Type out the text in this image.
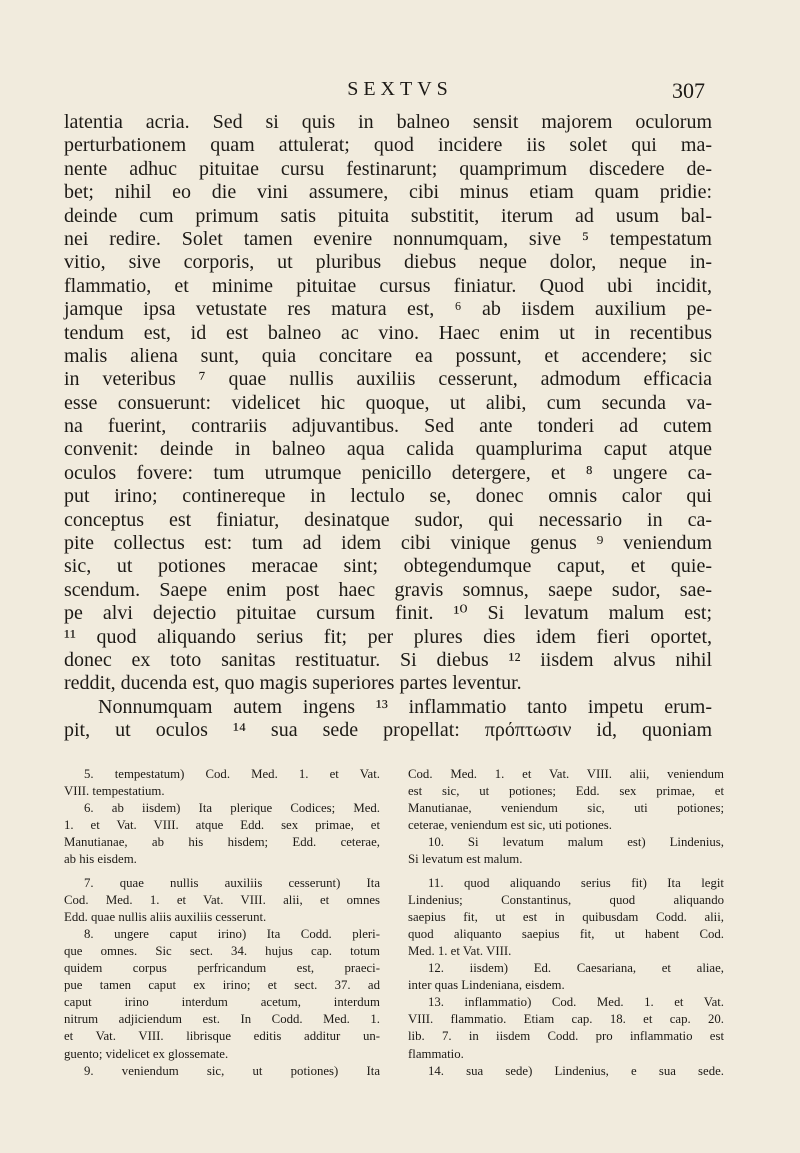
SEXTVS	307
latentia acria. Sed si quis in balneo sensit majorem oculorum
perturbationem quam attulerat; quod incidere iis solet qui ma-
nente adhuc pituitae cursu festinarunt; quamprimum discedere de-
bet; nihil eo die vini assumere, cibi minus etiam quam pridie:
deinde cum primum satis pituita substitit, iterum ad usum bal-
nei redire. Solet tamen evenire nonnumquam, sive ⁵ tempestatum
vitio, sive corporis, ut pluribus diebus neque dolor, neque in-
flammatio, et minime pituitae cursus finiatur. Quod ubi incidit,
jamque ipsa vetustate res matura est, ⁶ ab iisdem auxilium pe-
tendum est, id est balneo ac vino. Haec enim ut in recentibus
malis aliena sunt, quia concitare ea possunt, et accendere; sic
in veteribus ⁷ quae nullis auxiliis cesserunt, admodum efficacia
esse consuerunt: videlicet hic quoque, ut alibi, cum secunda va-
na fuerint, contrariis adjuvantibus. Sed ante tonderi ad cutem
convenit: deinde in balneo aqua calida quamplurima caput atque
oculos fovere: tum utrumque penicillo detergere, et ⁸ ungere ca-
put irino; continereque in lectulo se, donec omnis calor qui
conceptus est finiatur, desinatque sudor, qui necessario in ca-
pite collectus est: tum ad idem cibi vinique genus ⁹ veniendum
sic, ut potiones meracae sint; obtegendumque caput, et quie-
scendum. Saepe enim post haec gravis somnus, saepe sudor, sae-
pe alvi dejectio pituitae cursum finit. ¹⁰ Si levatum malum est;
¹¹ quod aliquando serius fit; per plures dies idem fieri oportet,
donec ex toto sanitas restituatur. Si diebus ¹² iisdem alvus nihil
reddit, ducenda est, quo magis superiores partes leventur.
Nonnumquam autem ingens ¹³ inflammatio tanto impetu erum-
pit, ut oculos ¹⁴ sua sede propellat: πρόπτωσιν id, quoniam
5. tempestatum) Cod. Med. 1. et Vat.
VIII. tempestatium.
6. ab iisdem) Ita plerique Codices; Med.
1. et Vat. VIII. atque Edd. sex primae, et
Manutianae, ab his hisdem; Edd. ceterae,
ab his eisdem.
7. quae nullis auxiliis cesserunt) Ita
Cod. Med. 1. et Vat. VIII. alii, et omnes
Edd. quae nullis aliis auxiliis cesserunt.
8. ungere caput irino) Ita Codd. pleri-
que omnes. Sic sect. 34. hujus cap. totum
quidem corpus perfricandum est, praeci-
pue tamen caput ex irino; et sect. 37. ad
caput irino interdum acetum, interdum
nitrum adjiciendum est. In Codd. Med. 1.
et Vat. VIII. librisque editis additur un-
guento; videlicet ex glossemate.
9. veniendum sic, ut potiones) Ita
Cod. Med. 1. et Vat. VIII. alii, veniendum
est sic, ut potiones; Edd. sex primae, et
Manutianae, veniendum sic, uti potiones;
ceterae, veniendum est sic, uti potiones.
10. Si levatum malum est) Lindenius,
Si levatum est malum.
11. quod aliquando serius fit) Ita legit
Lindenius; Constantinus, quod aliquando
saepius fit, ut est in quibusdam Codd. alii,
quod aliquanto saepius fit, ut habent Cod.
Med. 1. et Vat. VIII.
12. iisdem) Ed. Caesariana, et aliae,
inter quas Lindeniana, eisdem.
13. inflammatio) Cod. Med. 1. et Vat.
VIII. flammatio. Etiam cap. 18. et cap. 20.
lib. 7. in iisdem Codd. pro inflammatio est
flammatio.
14. sua sede) Lindenius, e sua sede.
